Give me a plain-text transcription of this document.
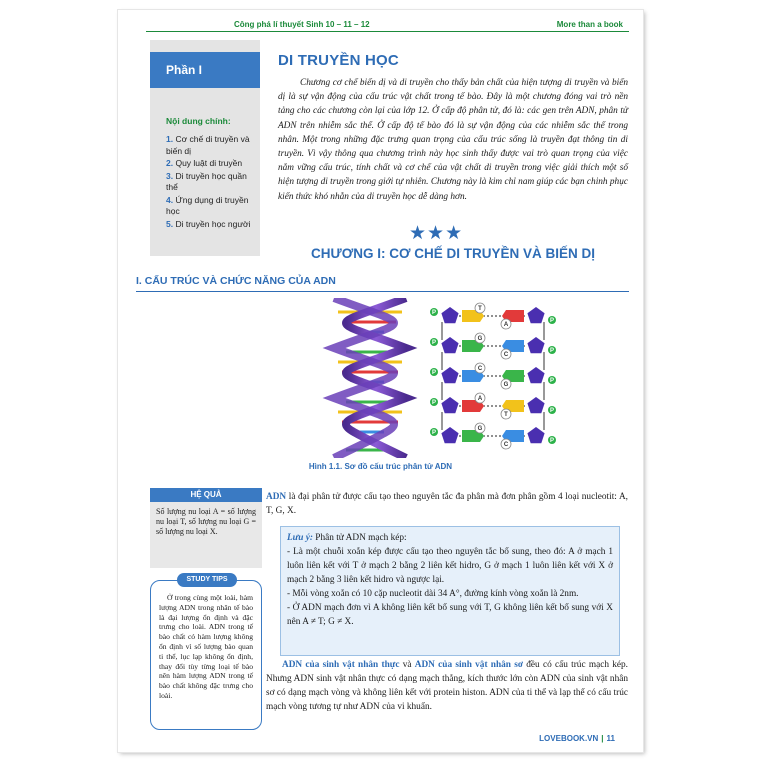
Công phá lí thuyết Sinh 10 – 11 – 12	More than a book
Phần I
Nội dung chính:
1. Cơ chế di truyền và biến dị
2. Quy luật di truyền
3. Di truyền học quần thể
4. Ứng dụng di truyền học
5. Di truyền học người
DI TRUYỀN HỌC

Chương cơ chế biến dị và di truyền cho thấy bản chất của hiện tượng di truyền và biến dị là sự vận động của cấu trúc vật chất trong tế bào. Đây là một chương đóng vai trò nền tảng cho các chương còn lại của lớp 12. Ở cấp độ phân tử, đó là: các gen trên ADN, phân tử ADN trên nhiễm sắc thể. Ở cấp độ tế bào đó là sự vận động của các nhiễm sắc thể trong nhân. Một trong những đặc trưng quan trọng của cấu trúc sống là truyền đạt thông tin di truyền. Vì vậy thông qua chương trình này học sinh thấy được vai trò quan trọng của việc nắm vững cấu trúc, tính chất và cơ chế của vật chất di truyền trong việc giải thích một số hiện tượng di truyền trong giới tự nhiên. Chương này là kim chỉ nam giúp các bạn chinh phục kiến thức khó nhằn của di truyền học dễ dàng hơn.

★★★
CHƯƠNG I: CƠ CHẾ DI TRUYỀN VÀ BIẾN DỊ
I. CẤU TRÚC VÀ CHỨC NĂNG CỦA ADN
P
P
T
A
P
P
G
C
P
P
C
G
P
P
A
T
P
P
G
C
Hình 1.1. Sơ đồ cấu trúc phân tử ADN
HỆ QUẢ

Số lượng nu loại A = số lượng nu loại T, số lượng nu loại G = số lượng nu loại X.

STUDY TIPS

Ở trong cùng một loài, hàm lượng ADN trong nhân tế bào là đại lượng ổn định và đặc trưng cho loài. ADN trong tế bào chất có hàm lượng không ổn định vì số lượng bào quan ti thể, lục lạp không ổn định, thay đổi tùy từng loại tế bào nên hàm lượng ADN trong tế bào chất không đặc trưng cho loài.

ADN là đại phân tử được cấu tạo theo nguyên tắc đa phân mà đơn phân gồm 4 loại nucleotit: A, T, G, X.

Lưu ý: Phân tử ADN mạch kép:

- Là một chuỗi xoắn kép được cấu tạo theo nguyên tắc bổ sung, theo đó: A ở mạch 1 luôn liên kết với T ở mạch 2 bằng 2 liên kết hidro, G ở mạch 1 luôn liên kết với X ở mạch 2 bằng 3 liên kết hidro và ngược lại.

- Mỗi vòng xoắn có 10 cặp nucleotit dài 34 A°, đường kính vòng xoắn là 2nm.

- Ở ADN mạch đơn vì A không liên kết bổ sung với T, G không liên kết bổ sung với X nên A ≠ T; G ≠ X.

ADN của sinh vật nhân thực và ADN của sinh vật nhân sơ đều có cấu trúc mạch kép. Nhưng ADN sinh vật nhân thực có dạng mạch thẳng, kích thước lớn còn ADN của sinh vật nhân sơ có dạng mạch vòng và không liên kết với protein histon. ADN của ti thể và lạp thể có cấu trúc mạch vòng tương tự như ADN của vi khuẩn.
LOVEBOOK.VN | 11
